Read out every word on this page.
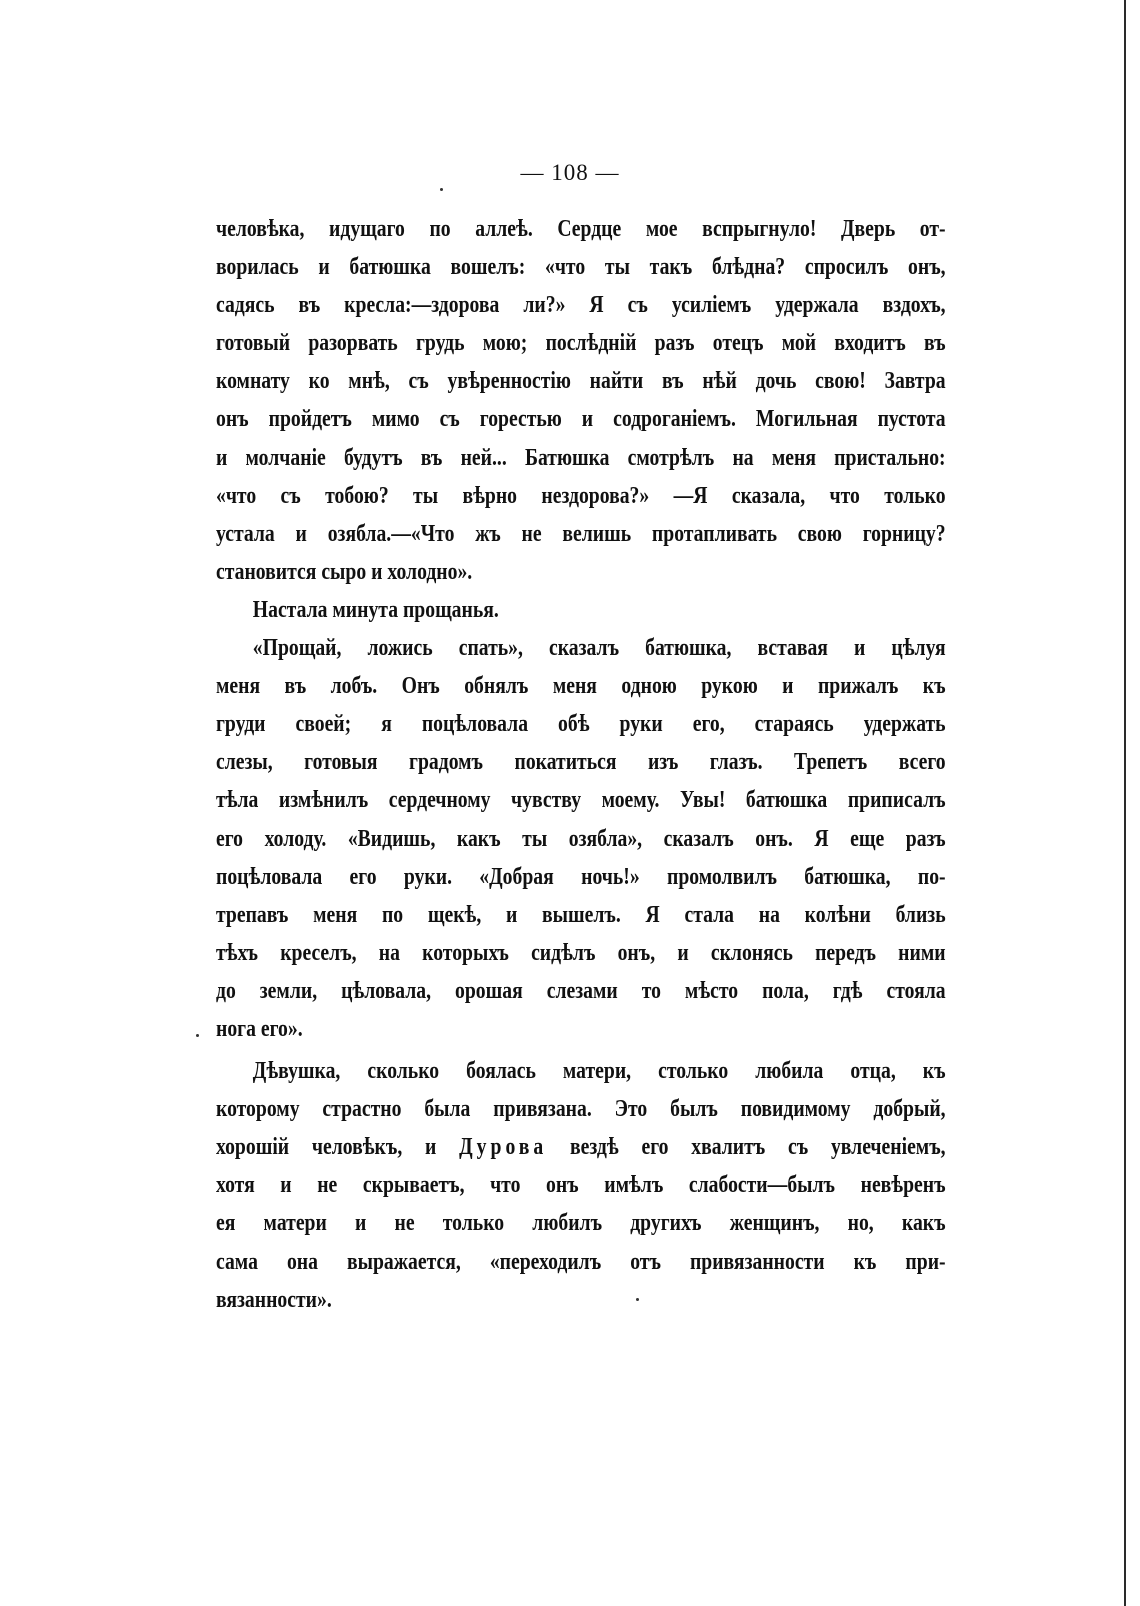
— 108 —
человѣка, идущаго по аллеѣ. Сердце мое вспрыгнуло! Дверь от-
ворилась и батюшка вошелъ: «что ты такъ блѣдна? спросилъ онъ,
садясь въ кресла:—здорова ли?» Я съ усиліемъ удержала вздохъ,
готовый разорвать грудь мою; послѣдній разъ отецъ мой входитъ въ
комнату ко мнѣ, съ увѣренностію найти въ нѣй дочь свою! Завтра
онъ пройдетъ мимо съ горестью и содроганіемъ. Могильная пустота
и молчаніе будутъ въ ней... Батюшка смотрѣлъ на меня пристально:
«что съ тобою? ты вѣрно нездорова?» —Я сказала, что только
устала и озябла.—«Что жъ не велишь протапливать свою горницу?
становится сыро и холодно».
Настала минута прощанья.
«Прощай, ложись спать», сказалъ батюшка, вставая и цѣлуя
меня въ лобъ. Онъ обнялъ меня одною рукою и прижалъ къ
груди своей; я поцѣловала обѣ руки его, стараясь удержать
слезы, готовыя градомъ покатиться изъ глазъ. Трепетъ всего
тѣла измѣнилъ сердечному чувству моему. Увы! батюшка приписалъ
его холоду. «Видишь, какъ ты озябла», сказалъ онъ. Я еще разъ
поцѣловала его руки. «Добрая ночь!» промолвилъ батюшка, по-
трепавъ меня по щекѣ, и вышелъ. Я стала на колѣни близь
тѣхъ креселъ, на которыхъ сидѣлъ онъ, и склонясь передъ ними
до земли, цѣловала, орошая слезами то мѣсто пола, гдѣ стояла
нога его».
Дѣвушка, сколько боялась матери, столько любила отца, къ
которому страстно была привязана. Это былъ повидимому добрый,
хорошій человѣкъ, и Дурова вездѣ его хвалитъ съ увлеченіемъ,
хотя и не скрываетъ, что онъ имѣлъ слабости—былъ невѣренъ
ея матери и не только любилъ другихъ женщинъ, но, какъ
сама она выражается, «переходилъ отъ привязанности къ при-
вязанности».
